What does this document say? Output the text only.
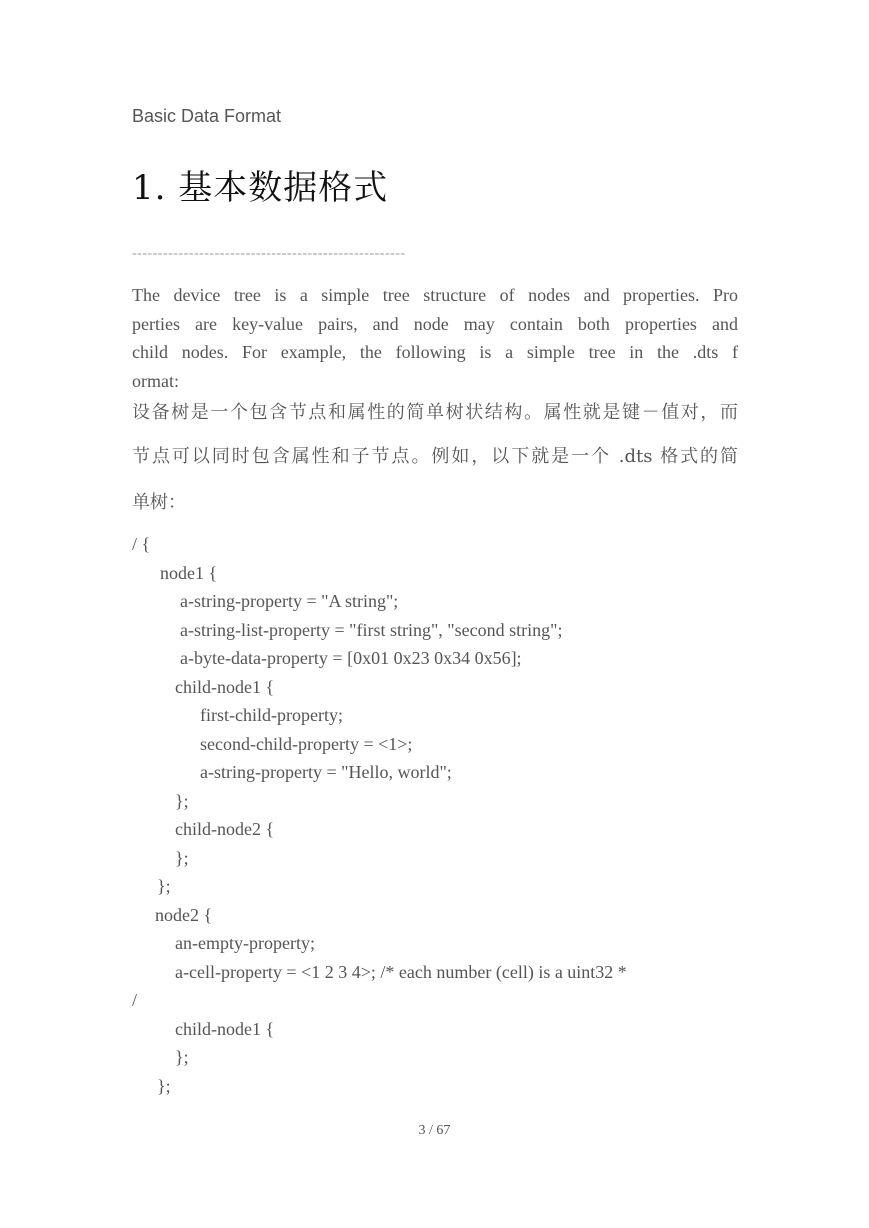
Basic Data Format
1. 基本数据格式
-----------------------------------------------------
The device tree is a simple tree structure of nodes and properties. Pro
perties are key-value pairs, and node may contain both properties and
child nodes. For example, the following is a simple tree in the .dts f
ormat:
设备树是一个包含节点和属性的简单树状结构。属性就是键－值对，而
节点可以同时包含属性和子节点。例如，以下就是一个 .dts 格式的简
单树：
/ {
node1 {
a-string-property = "A string";
a-string-list-property = "first string", "second string";
a-byte-data-property = [0x01 0x23 0x34 0x56];
child-node1 {
first-child-property;
second-child-property = <1>;
a-string-property = "Hello, world";
};
child-node2 {
};
};
node2 {
an-empty-property;
a-cell-property = <1 2 3 4>; /* each number (cell) is a uint32 *
/
child-node1 {
};
};
3 / 67
